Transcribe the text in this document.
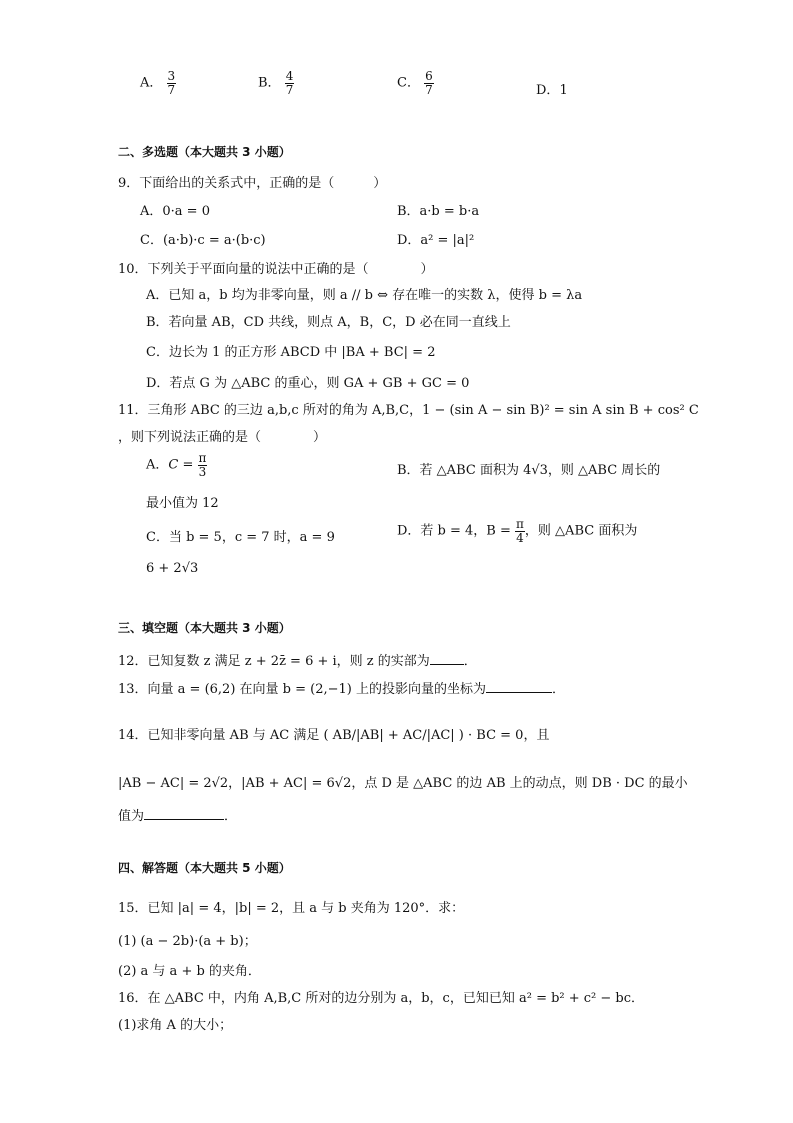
A． $\frac{3}{7}$	B． $\frac{4}{7}$	C． $\frac{6}{7}$	D．1
二、多选题（本大题共 3 小题）
9．下面给出的关系式中，正确的是（　　　）
A．0·a = 0	B．a·b = b·a
C．(a·b)·c = a·(b·c)	D．a² = |a|²
10．下列关于平面向量的说法中正确的是（　　　　）
A．已知 a，b 均为非零向量，则 a // b ⇔ 存在唯一的实数 λ，使得 b = λa
B．若向量 AB，CD 共线，则点 A，B，C，D 必在同一直线上
C．边长为 1 的正方形 ABCD 中 |BA + BC| = 2
D．若点 G 为 △ABC 的重心，则 GA + GB + GC = 0
11．三角形 ABC 的三边 a,b,c 所对的角为 A,B,C，1 − (sin A − sin B)² = sin A sin B + cos² C
，则下列说法正确的是（　　　　）
A．$C = \frac{\pi}{3}$	B．若 △ABC 面积为 4√3，则 △ABC 周长的
最小值为 12
C．当 b = 5，c = 7 时，a = 9	D．若 b = 4，$B = \frac{\pi}{4}$ ，则 △ABC 面积为
6 + 2√3
三、填空题（本大题共 3 小题）
12．已知复数 z 满足 z + 2z̄ = 6 + i，则 z 的实部为	．
13．向量 a = (6,2) 在向量 b = (2,−1) 上的投影向量的坐标为	．
14．已知非零向量 AB 与 AC 满足 ( AB/|AB| + AC/|AC| ) · BC = 0，且
|AB − AC| = 2√2，|AB + AC| = 6√2，点 D 是 △ABC 的边 AB 上的动点，则 DB · DC 的最小
值为	．
四、解答题（本大题共 5 小题）
15．已知 |a| = 4，|b| = 2，且 a 与 b 夹角为 120°．求：
(1) (a − 2b)·(a + b)；
(2) a 与 a + b 的夹角．
16．在 △ABC 中，内角 A,B,C 所对的边分别为 a，b，c，已知已知 a² = b² + c² − bc．
(1)求角 A 的大小；
